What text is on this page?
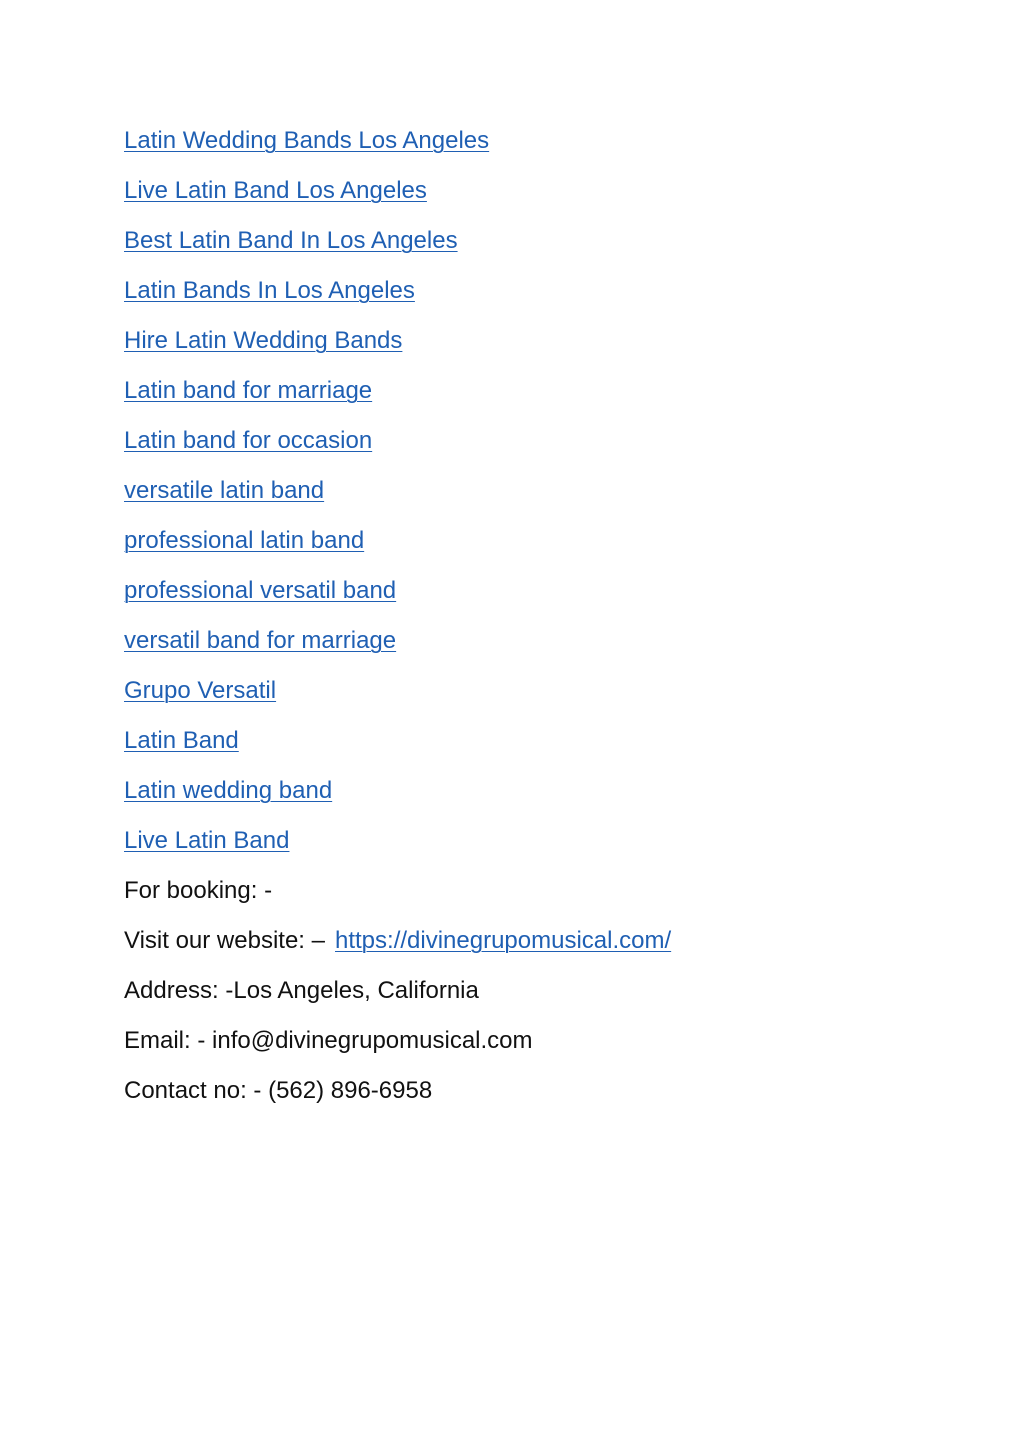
Latin Wedding Bands Los Angeles
Live Latin Band Los Angeles
Best Latin Band In Los Angeles
Latin Bands In Los Angeles
Hire Latin Wedding Bands
Latin band for marriage
Latin band for occasion
versatile latin band
professional latin band
professional versatil band
versatil band for marriage
Grupo Versatil
Latin Band
Latin wedding band
Live Latin Band
For booking: -
Visit our website: – https://divinegrupomusical.com/
Address: -Los Angeles, California
Email: - info@divinegrupomusical.com
Contact no: - (562) 896-6958
